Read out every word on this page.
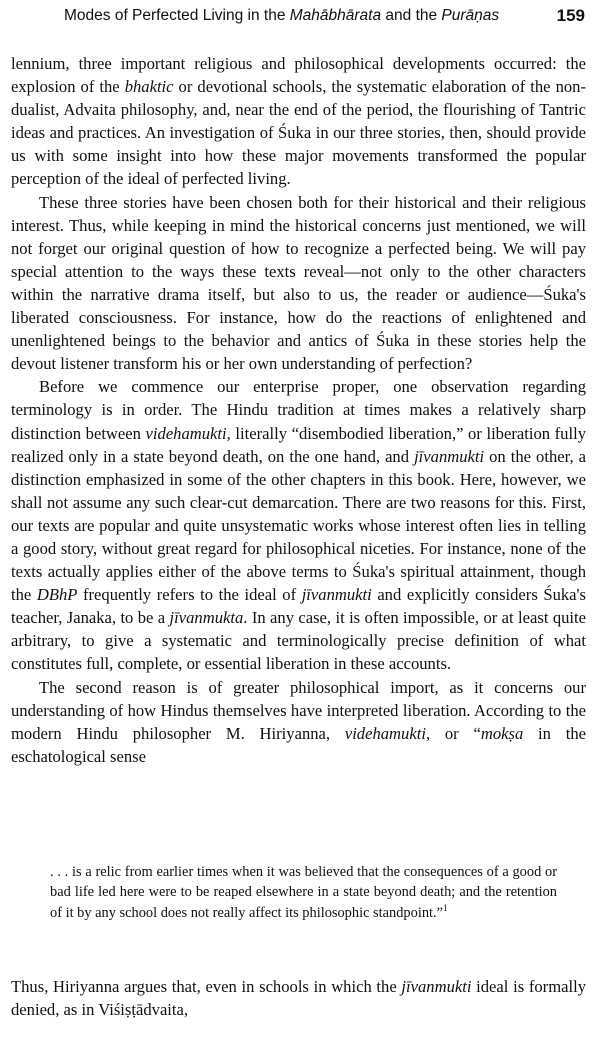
Modes of Perfected Living in the Mahābhārata and the Purāṇas	159

lennium, three important religious and philosophical developments occurred: the explosion of the bhaktic or devotional schools, the systematic elaboration of the non-dualist, Advaita philosophy, and, near the end of the period, the flourishing of Tantric ideas and practices. An investigation of Śuka in our three stories, then, should provide us with some insight into how these major movements transformed the popular perception of the ideal of perfected living.

These three stories have been chosen both for their historical and their religious interest. Thus, while keeping in mind the historical concerns just mentioned, we will not forget our original question of how to recognize a perfected being. We will pay special attention to the ways these texts reveal—not only to the other characters within the narrative drama itself, but also to us, the reader or audience—Śuka's liberated consciousness. For instance, how do the reactions of enlightened and unenlightened beings to the behavior and antics of Śuka in these stories help the devout listener transform his or her own understanding of perfection?

Before we commence our enterprise proper, one observation regarding terminology is in order. The Hindu tradition at times makes a relatively sharp distinction between videhamukti, literally “disembodied liberation,” or liberation fully realized only in a state beyond death, on the one hand, and jīvanmukti on the other, a distinction emphasized in some of the other chapters in this book. Here, however, we shall not assume any such clear-cut demarcation. There are two reasons for this. First, our texts are popular and quite unsystematic works whose interest often lies in telling a good story, without great regard for philosophical niceties. For instance, none of the texts actually applies either of the above terms to Śuka's spiritual attainment, though the DBhP frequently refers to the ideal of jīvanmukti and explicitly considers Śuka's teacher, Janaka, to be a jīvanmukta. In any case, it is often impossible, or at least quite arbitrary, to give a systematic and terminologically precise definition of what constitutes full, complete, or essential liberation in these accounts.

The second reason is of greater philosophical import, as it concerns our understanding of how Hindus themselves have interpreted liberation. According to the modern Hindu philosopher M. Hiriyanna, videhamukti, or “mokṣa in the eschatological sense

. . . is a relic from earlier times when it was believed that the consequences of a good or bad life led here were to be reaped elsewhere in a state beyond death; and the retention of it by any school does not really affect its philosophic standpoint.”$^1$

Thus, Hiriyanna argues that, even in schools in which the jīvanmukti ideal is formally denied, as in Viśiṣṭādvaita,
